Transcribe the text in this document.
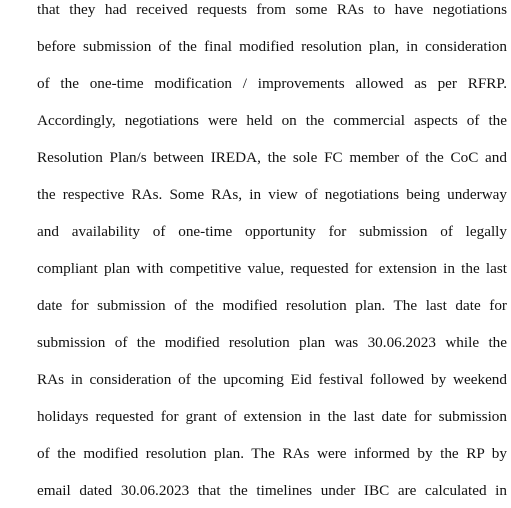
that they had received requests from some RAs to have negotiations
before submission of the final modified resolution plan, in consideration
of the one-time modification / improvements allowed as per RFRP.
Accordingly, negotiations were held on the commercial aspects of the
Resolution Plan/s between IREDA, the sole FC member of the CoC and
the respective RAs. Some RAs, in view of negotiations being underway
and availability of one-time opportunity for submission of legally
compliant plan with competitive value, requested for extension in the last
date for submission of the modified resolution plan. The last date for
submission of the modified resolution plan was 30.06.2023 while the
RAs in consideration of the upcoming Eid festival followed by weekend
holidays requested for grant of extension in the last date for submission
of the modified resolution plan. The RAs were informed by the RP by
email dated 30.06.2023 that the timelines under IBC are calculated in
